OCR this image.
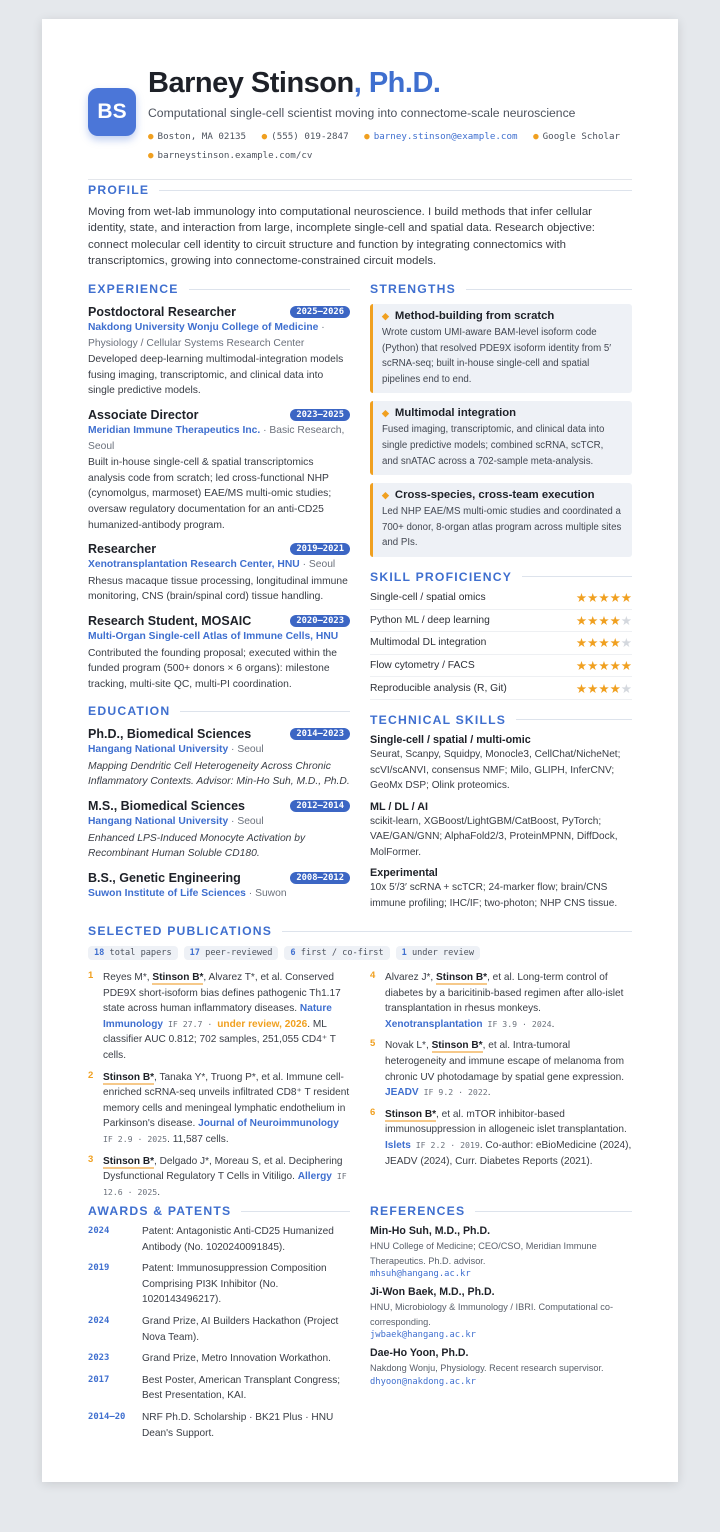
BS
Barney Stinson, Ph.D.
Computational single-cell scientist moving into connectome-scale neuroscience
● Boston, MA 02135 ● (555) 019-2847 ● barney.stinson@example.com ● Google Scholar
● barneystinson.example.com/cv
PROFILE

Moving from wet-lab immunology into computational neuroscience. I build methods that infer cellular identity, state, and interaction from large, incomplete single-cell and spatial data. Research objective: connect molecular cell identity to circuit structure and function by integrating connectomics with transcriptomics, growing into connectome-constrained circuit models.

EXPERIENCE
Postdoctoral Researcher	2025–2026
Nakdong University Wonju College of Medicine · Physiology / Cellular Systems Research Center
Developed deep-learning multimodal-integration models fusing imaging, transcriptomic, and clinical data into single predictive models.
Associate Director	2023–2025
Meridian Immune Therapeutics Inc. · Basic Research, Seoul
Built in-house single-cell & spatial transcriptomics analysis code from scratch; led cross-functional NHP (cynomolgus, marmoset) EAE/MS multi-omic studies; oversaw regulatory documentation for an anti-CD25 humanized-antibody program.
Researcher	2019–2021
Xenotransplantation Research Center, HNU · Seoul
Rhesus macaque tissue processing, longitudinal immune monitoring, CNS (brain/spinal cord) tissue handling.
Research Student, MOSAIC	2020–2023
Multi-Organ Single-cell Atlas of Immune Cells, HNU
Contributed the founding proposal; executed within the funded program (500+ donors × 6 organs): milestone tracking, multi-site QC, multi-PI coordination.
EDUCATION
Ph.D., Biomedical Sciences	2014–2023
Hangang National University · Seoul
Mapping Dendritic Cell Heterogeneity Across Chronic Inflammatory Contexts. Advisor: Min-Ho Suh, M.D., Ph.D.
M.S., Biomedical Sciences	2012–2014
Hangang National University · Seoul
Enhanced LPS-Induced Monocyte Activation by Recombinant Human Soluble CD180.
B.S., Genetic Engineering	2008–2012
Suwon Institute of Life Sciences · Suwon
STRENGTHS
◆ Method-building from scratch
Wrote custom UMI-aware BAM-level isoform code (Python) that resolved PDE9X isoform identity from 5′ scRNA-seq; built in-house single-cell and spatial pipelines end to end.
◆ Multimodal integration
Fused imaging, transcriptomic, and clinical data into single predictive models; combined scRNA, scTCR, and snATAC across a 702-sample meta-analysis.
◆ Cross-species, cross-team execution
Led NHP EAE/MS multi-omic studies and coordinated a 700+ donor, 8-organ atlas program across multiple sites and PIs.
SKILL PROFICIENCY
Single-cell / spatial omics	★★★★★
Python ML / deep learning	★★★★★
Multimodal DL integration	★★★★★
Flow cytometry / FACS	★★★★★
Reproducible analysis (R, Git)	★★★★★
TECHNICAL SKILLS
Single-cell / spatial / multi-omic
Seurat, Scanpy, Squidpy, Monocle3, CellChat/NicheNet; scVI/scANVI, consensus NMF; Milo, GLIPH, InferCNV; GeoMx DSP; Olink proteomics.
ML / DL / AI
scikit-learn, XGBoost/LightGBM/CatBoost, PyTorch; VAE/GAN/GNN; AlphaFold2/3, ProteinMPNN, DiffDock, MolFormer.
Experimental
10x 5′/3′ scRNA + scTCR; 24-marker flow; brain/CNS immune profiling; IHC/IF; two-photon; NHP CNS tissue.
SELECTED PUBLICATIONS
18 total papers	17 peer-reviewed	6 first / co-first	1 under review
1 Reyes M*, Stinson B*, Alvarez T*, et al. Conserved PDE9X short-isoform bias defines pathogenic Th1.17 state across human inflammatory diseases. Nature Immunology IF 27.7 · under review, 2026. ML classifier AUC 0.812; 702 samples, 251,055 CD4⁺ T cells.
2 Stinson B*, Tanaka Y*, Truong P*, et al. Immune cell-enriched scRNA-seq unveils infiltrated CD8⁺ T resident memory cells and meningeal lymphatic endothelium in Parkinson's disease. Journal of Neuroimmunology IF 2.9 · 2025. 11,587 cells.
3 Stinson B*, Delgado J*, Moreau S, et al. Deciphering Dysfunctional Regulatory T Cells in Vitiligo. Allergy IF 12.6 · 2025.
4 Alvarez J*, Stinson B*, et al. Long-term control of diabetes by a baricitinib-based regimen after allo-islet transplantation in rhesus monkeys. Xenotransplantation IF 3.9 · 2024.
5 Novak L*, Stinson B*, et al. Intra-tumoral heterogeneity and immune escape of melanoma from chronic UV photodamage by spatial gene expression. JEADV IF 9.2 · 2022.
6 Stinson B*, et al. mTOR inhibitor-based immunosuppression in allogeneic islet transplantation. Islets IF 2.2 · 2019. Co-author: eBioMedicine (2024), JEADV (2024), Curr. Diabetes Reports (2021).
AWARDS & PATENTS
2024	Patent: Antagonistic Anti-CD25 Humanized Antibody (No. 1020240091845).
2019	Patent: Immunosuppression Composition Comprising PI3K Inhibitor (No. 1020143496217).
2024	Grand Prize, AI Builders Hackathon (Project Nova Team).
2023	Grand Prize, Metro Innovation Workathon.
2017	Best Poster, American Transplant Congress; Best Presentation, KAI.
2014–20	NRF Ph.D. Scholarship · BK21 Plus · HNU Dean's Support.
REFERENCES
Min-Ho Suh, M.D., Ph.D.
HNU College of Medicine; CEO/CSO, Meridian Immune Therapeutics. Ph.D. advisor.
mhsuh@hangang.ac.kr
Ji-Won Baek, M.D., Ph.D.
HNU, Microbiology & Immunology / IBRI. Computational co-corresponding.
jwbaek@hangang.ac.kr
Dae-Ho Yoon, Ph.D.
Nakdong Wonju, Physiology. Recent research supervisor.
dhyoon@nakdong.ac.kr
